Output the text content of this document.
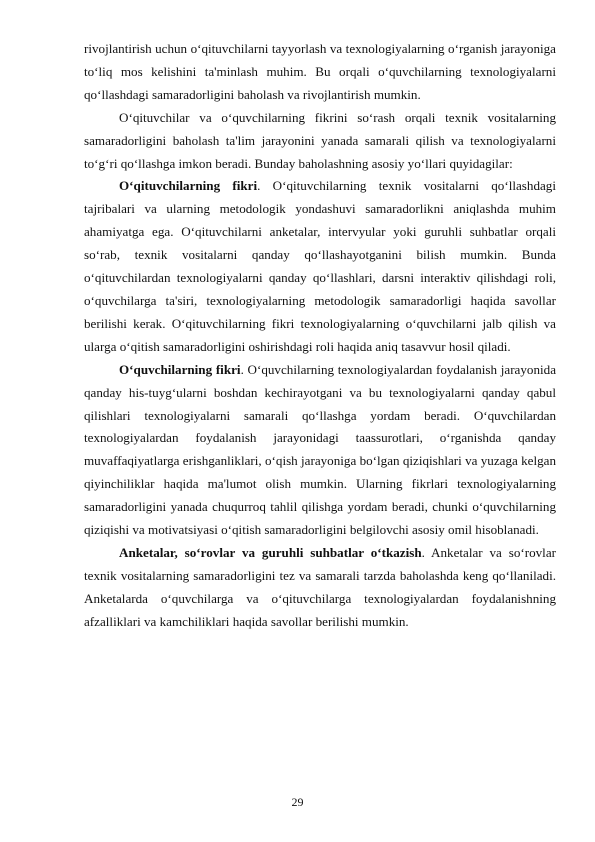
rivojlantirish uchun o‘qituvchilarni tayyorlash va texnologiyalarning o‘rganish jarayoniga to‘liq mos kelishini ta'minlash muhim. Bu orqali o‘quvchilarning texnologiyalarni qo‘llashdagi samaradorligini baholash va rivojlantirish mumkin.

O‘qituvchilar va o‘quvchilarning fikrini so‘rash orqali texnik vositalarning samaradorligini baholash ta'lim jarayonini yanada samarali qilish va texnologiyalarni to‘g‘ri qo‘llashga imkon beradi. Bunday baholashning asosiy yo‘llari quyidagilar:

O‘qituvchilarning fikri. O‘qituvchilarning texnik vositalarni qo‘llashdagi tajribalari va ularning metodologik yondashuvi samaradorlikni aniqlashda muhim ahamiyatga ega. O‘qituvchilarni anketalar, intervyular yoki guruhli suhbatlar orqali so‘rab, texnik vositalarni qanday qo‘llashayotganini bilish mumkin. Bunda o‘qituvchilardan texnologiyalarni qanday qo‘llashlari, darsni interaktiv qilishdagi roli, o‘quvchilarga ta'siri, texnologiyalarning metodologik samaradorligi haqida savollar berilishi kerak. O‘qituvchilarning fikri texnologiyalarning o‘quvchilarni jalb qilish va ularga o‘qitish samaradorligini oshirishdagi roli haqida aniq tasavvur hosil qiladi.

O‘quvchilarning fikri. O‘quvchilarning texnologiyalardan foydalanish jarayonida qanday his-tuyg‘ularni boshdan kechirayotgani va bu texnologiyalarni qanday qabul qilishlari texnologiyalarni samarali qo‘llashga yordam beradi. O‘quvchilardan texnologiyalardan foydalanish jarayonidagi taassurotlari, o‘rganishda qanday muvaffaqiyatlarga erishganliklari, o‘qish jarayoniga bo‘lgan qiziqishlari va yuzaga kelgan qiyinchiliklar haqida ma'lumot olish mumkin. Ularning fikrlari texnologiyalarning samaradorligini yanada chuqurroq tahlil qilishga yordam beradi, chunki o‘quvchilarning qiziqishi va motivatsiyasi o‘qitish samaradorligini belgilovchi asosiy omil hisoblanadi.

Anketalar, so‘rovlar va guruhli suhbatlar o‘tkazish. Anketalar va so‘rovlar texnik vositalarning samaradorligini tez va samarali tarzda baholashda keng qo‘llaniladi. Anketalarda o‘quvchilarga va o‘qituvchilarga texnologiyalardan foydalanishning afzalliklari va kamchiliklari haqida savollar berilishi mumkin.

29
